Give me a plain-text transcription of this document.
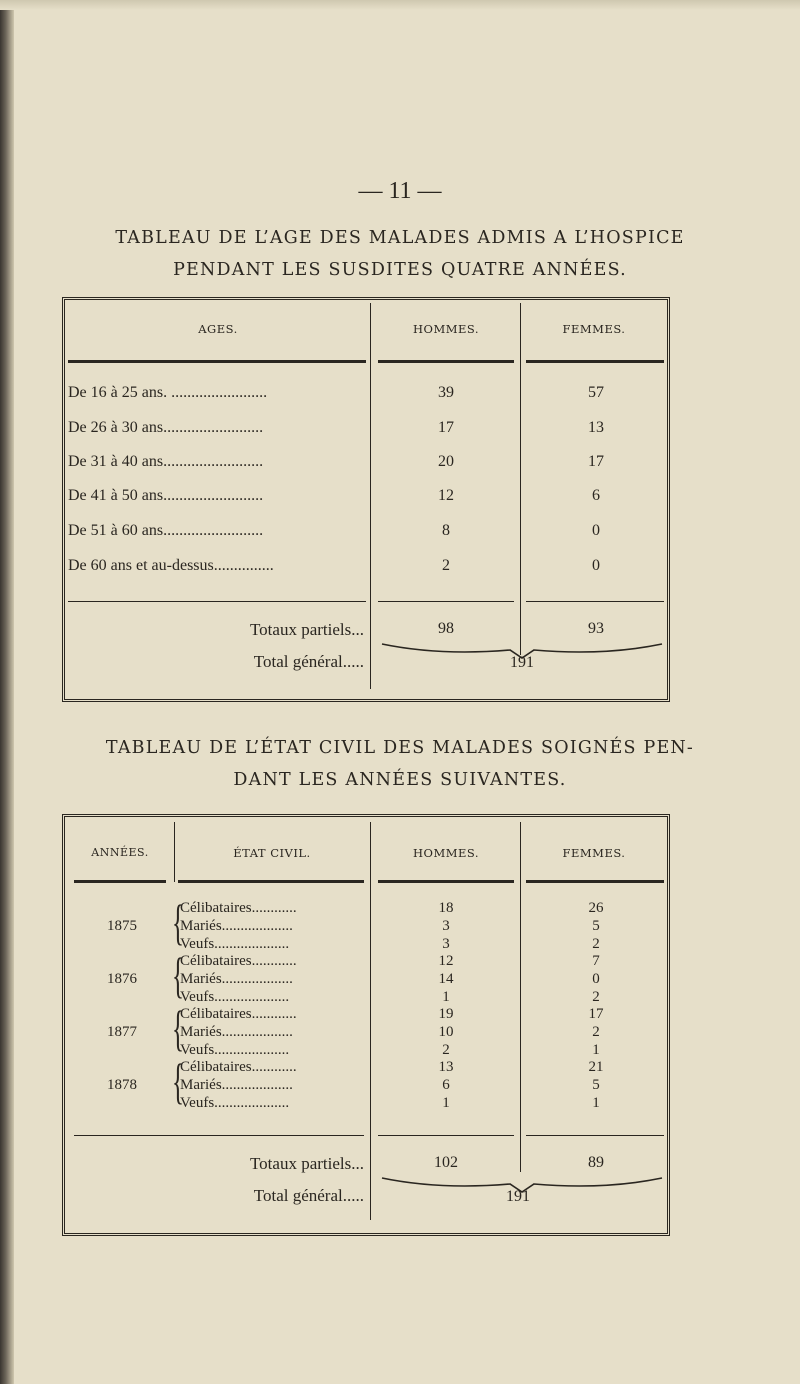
— 11 —
TABLEAU DE L’AGE DES MALADES ADMIS A L’HOSPICE
PENDANT LES SUSDITES QUATRE ANNÉES.
AGES.	HOMMES.	FEMMES.
De 16 à 25 ans. ........................	39	57
De 26 à 30 ans.........................	17	13
De 31 à 40 ans.........................	20	17
De 41 à 50 ans.........................	12	6
De 51 à 60 ans.........................	8	0
De 60 ans et au-dessus...............	2	0
Totaux partiels...	98	93
Total général.....	191
TABLEAU DE L’ÉTAT CIVIL DES MALADES SOIGNÉS PEN-
DANT LES ANNÉES SUIVANTES.
ANNÉES.	ÉTAT CIVIL.	HOMMES.	FEMMES.
1875 {
Célibataires............	18	26
Mariés...................	3	5
Veufs....................	3	2
1876 {
Célibataires............	12	7
Mariés...................	14	0
Veufs....................	1	2
1877 {
Célibataires............	19	17
Mariés...................	10	2
Veufs....................	2	1
1878 {
Célibataires............	13	21
Mariés...................	6	5
Veufs....................	1	1
Totaux partiels...	102	89
Total général.....	191
